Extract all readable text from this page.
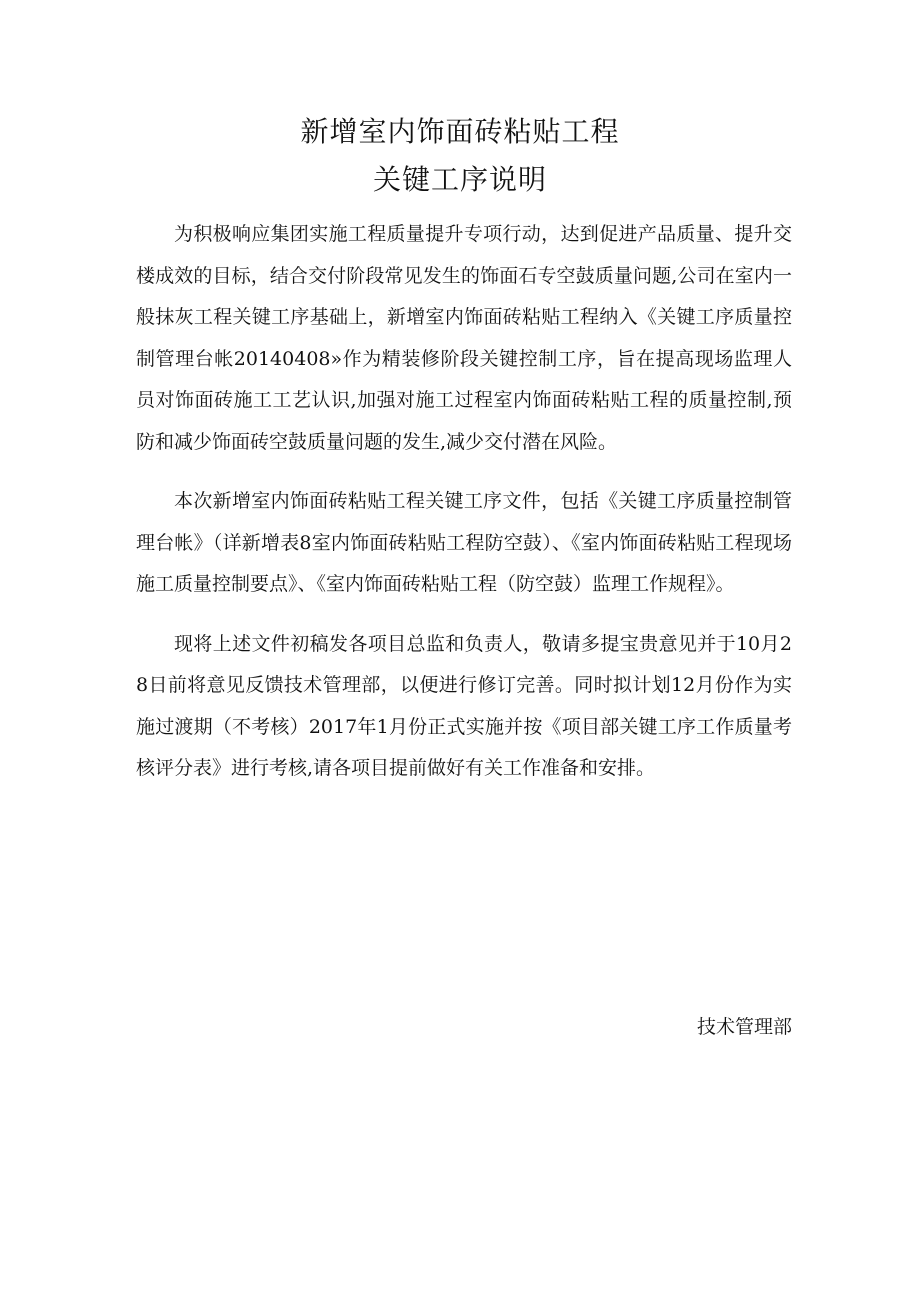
新增室内饰面砖粘贴工程
关键工序说明

为积极响应集团实施工程质量提升专项行动，达到促进产品质量、提升交楼成效的目标，结合交付阶段常见发生的饰面石专空鼓质量问题,公司在室内一般抹灰工程关键工序基础上，新增室内饰面砖粘贴工程纳入《关键工序质量控制管理台帐20140408»作为精装修阶段关键控制工序，旨在提高现场监理人员对饰面砖施工工艺认识,加强对施工过程室内饰面砖粘贴工程的质量控制,预防和减少饰面砖空鼓质量问题的发生,减少交付潜在风险。

本次新增室内饰面砖粘贴工程关键工序文件，包括《关键工序质量控制管理台帐》（详新增表8室内饰面砖粘贴工程防空鼓）、《室内饰面砖粘贴工程现场施工质量控制要点》、《室内饰面砖粘贴工程（防空鼓）监理工作规程》。

现将上述文件初稿发各项目总监和负责人，敬请多提宝贵意见并于10月28日前将意见反馈技术管理部，以便进行修订完善。同时拟计划12月份作为实施过渡期（不考核）2017年1月份正式实施并按《项目部关键工序工作质量考核评分表》进行考核,请各项目提前做好有关工作准备和安排。

技术管理部
